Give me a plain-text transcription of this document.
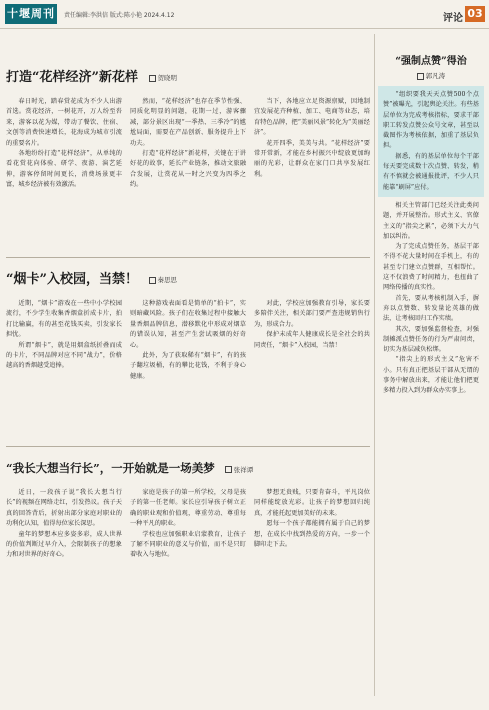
十堰周刊	责任编辑:李洪信 版式:陈小艳 2024.4.12	评论 03
打造“花样经济”新花样	贺晓明

春日时光，踏春赏花成为不少人出游首选。赏花经济，一树花开，万人纷至沓来，游客以花为媒，带动了餐饮、住宿、文创等消费快速增长，花海成为城市引流的重要名片。

各地纷纷打造“花样经济”，从单纯的看花赏花向体验、研学、夜游、演艺延伸，游客停留时间更长，消费场景更丰富，城乡经济被有效激活。

然而，“花样经济”也存在季节性强、同质化明显的问题，花期一过，游客骤减，部分景区出现“一季热、三季冷”的尴尬局面，需要在产品创新、服务提升上下功夫。

打造“花样经济”新花样，关键在于讲好花的故事，延长产业链条，推动文旅融合发展，让赏花从一时之兴变为四季之约。

当下，各地应立足资源禀赋，因地制宜发展花卉种植、加工、电商等业态，培育特色品牌，把“美丽风景”转化为“美丽经济”。

花开四季，美美与共。“花样经济”要常开常新，才能在乡村振兴中绽放更加绚丽的光彩，让群众在家门口共享发展红利。

“烟卡”入校园，当禁！	秦思思

近期，“烟卡”游戏在一些中小学校园流行，不少学生收集香烟盒折成卡片，拍打比输赢，有的甚至花钱买卖，引发家长担忧。

所谓“烟卡”，就是用烟盒纸折叠而成的卡片，不同品牌对应不同“战力”，价格越高的香烟越受追捧。

这种游戏表面看是简单的“拍卡”，实则暗藏风险。孩子们在收集过程中接触大量香烟品牌信息，潜移默化中形成对烟草的错误认知，甚至产生尝试吸烟的好奇心。

此外，为了获取稀有“烟卡”，有的孩子翻垃圾桶，有的攀比花钱，不利于身心健康。

对此，学校应加强教育引导，家长要多陪伴关注，相关部门要严查违规销售行为，形成合力。

保护未成年人健康成长是全社会的共同责任，“烟卡”入校园，当禁！

“我长大想当行长”，一开始就是一场美梦	张祥谭

近日，一段孩子说“我长大想当行长”的视频在网络走红，引发热议。孩子天真的回答背后，折射出部分家庭对职业的功利化认知，值得每位家长深思。

童年的梦想本应多姿多彩，成人世界的价值判断过早介入，会限制孩子的想象力和对世界的好奇心。

家庭是孩子的第一所学校，父母是孩子的第一任老师。家长应引导孩子树立正确的职业观和价值观，尊重劳动、尊重每一种平凡的职业。

学校也应加强职业启蒙教育，让孩子了解不同职业的意义与价值，而不是只盯着收入与地位。

梦想无贵贱，只要肯奋斗，平凡岗位同样能绽放光彩。让孩子的梦想回归纯真，才能托起更加美好的未来。

愿每一个孩子都能拥有属于自己的梦想，在成长中找到热爱的方向，一步一个脚印走下去。

“强制点赞”得治
郭凡涛

“组织要我天天点赞500个点赞”被曝光，引起舆论关注。有些基层单位为完成考核指标，要求干部职工转发点赞公众号文章，甚至以截图作为考核依据，加重了基层负担。

据悉，有的基层单位每个干部每天要完成数十次点赞、转发，稍有不慎就会被通报批评，不少人只能靠“刷屏”应付。

相关主管部门已经关注此类问题，并开展整治。形式主义、官僚主义的“指尖之累”，必须下大力气加以纠治。

为了完成点赞任务，基层干部不得不花大量时间在手机上，有的甚至专门建立点赞群，互相帮忙。这不仅浪费了时间精力，也扭曲了网络传播的真实性。

首先，要从考核机制入手，摒弃以点赞数、转发量论英雄的做法，让考核回归工作实绩。

其次，要加强监督检查，对强制摊派点赞任务的行为严肃问责，切实为基层减负松绑。

“指尖上的形式主义”危害不小。只有真正把基层干部从无谓的事务中解放出来，才能让他们把更多精力投入到为群众办实事上。
